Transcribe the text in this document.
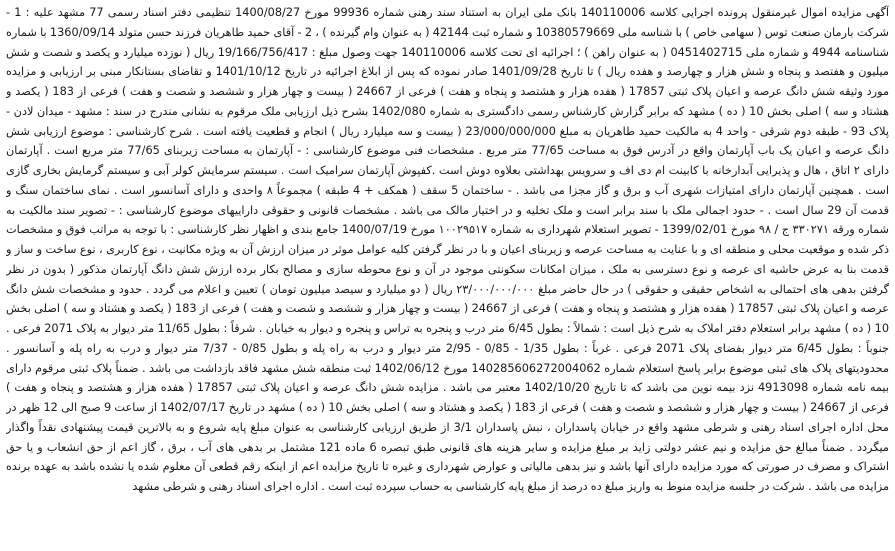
آگهی مزایده اموال غیرمنقول پرونده اجرایی کلاسه 140110006 بانک ملی ایران به استناد سند رهنی شماره 99936 مورخ 1400/08/27 تنظیمی دفتر اسناد رسمی 77 مشهد علیه : 1 - شرکت بارمان صنعت توس ( سهامی خاص ) با شناسه ملی 10380579669 و شماره ثبت 42144 ( به عنوان وام گیرنده ) ، 2 - آقای حمید طاهریان فرزند حسن متولد 1360/09/14 با شماره شناسنامه 4944 و شماره ملی 0451402715 ( به عنوان راهن ) ؛ اجرائیه ای تحت کلاسه 140110006 جهت وصول مبلغ : 19/166/756/417 ریال ( نوزده میلیارد و یکصد و شصت و شش میلیون و هفتصد و پنجاه و شش هزار و چهارصد و هفده ریال ) تا تاریخ 1401/09/28 صادر نموده که پس از ابلاغ اجرائیه در تاریخ 1401/10/12 و تقاضای بستانکار مبنی بر ارزیابی و مزایده مورد وثیقه شش دانگ عرصه و اعیان پلاک ثبتی 17857 ( هفده هزار و هشتصد و پنجاه و هفت ) فرعی از 24667 ( بیست و چهار هزار و ششصد و شصت و هفت ) فرعی از 183 ( یکصد و هشتاد و سه ) اصلی بخش 10 ( ده ) مشهد که برابر گزارش کارشناس رسمی دادگستری به شماره 1402/080 بشرح ذیل ارزیابی ملک مرقوم به نشانی مندرج در سند : مشهد - میدان لادن - پلاک 93 - طبقه دوم شرقی - واحد 4 به مالکیت حمید طاهریان به مبلغ 23/000/000/000 ( بیست و سه میلیارد ریال ) انجام و قطعیت یافته است . شرح کارشناسی : موضوع ارزیابی شش دانگ عرصه و اعیان یک باب آپارتمان واقع در آدرس فوق به مساحت 77/65 متر مربع . مشخصات فنی موضوع کارشناسی : - آپارتمان به مساحت زیربنای 77/65 متر مربع است . آپارتمان دارای ۲ اتاق ، هال و پذیرایی آبدارخانه با کابینت ام دی اف و سرویس بهداشتی بعلاوه دوش است .کفپوش آپارتمان سرامیک است . سیستم سرمایش کولر آبی و سیستم گرمایش بخاری گازی است . همچنین آپارتمان دارای امتیازات شهری آب و برق و گاز مجزا می باشد . - ساختمان 5 سقف ( همکف + 4 طبقه ) مجموعاً ۸ واحدی و دارای آسانسور است . نمای ساختمان سنگ و قدمت آن 29 سال است . - حدود اجمالی ملک با سند برابر است و ملک تخلیه و در اختیار مالک می باشد . مشخصات قانونی و حقوقی داراییهای موضوع کارشناسی : - تصویر سند مالکیت به شماره ورقه ۳۳۰۲۷۱ ج / ۹۸ مورخ 1399/02/01 - تصویر استعلام شهرداری به شماره ۱۰۰۲۹۵۱۷ مورخ 1400/07/19 جامع بندی و اظهار نظر کارشناسی : با توجه به مراتب فوق و مشخصات ذکر شده و موقعیت محلی و منطقه ای و با عنایت به مساحت عرصه و زیربنای اعیان و با در نظر گرفتن کلیه عوامل موثر در میزان ارزش آن به ویژه مکانیت ، نوع کاربری ، نوع ساخت و ساز و قدمت بنا به عرض حاشیه ای عرصه و نوع دسترسی به ملک ، میزان امکانات سکونتی موجود در آن و نوع محوطه سازی و مصالح بکار برده ارزش شش دانگ آپارتمان مذکور ( بدون در نظر گرفتن بدهی های احتمالی به اشخاص حقیقی و حقوقی ) در حال حاضر مبلغ ۲۳/۰۰۰/۰۰۰/۰۰۰ ریال ( دو میلیارد و سیصد میلیون تومان ) تعیین و اعلام می گردد . حدود و مشخصات شش دانگ عرصه و اعیان پلاک ثبتی 17857 ( هفده هزار و هشتصد و پنجاه و هفت ) فرعی از 24667 ( بیست و چهار هزار و ششصد و شصت و هفت ) فرعی از 183 ( یکصد و هشتاد و سه ) اصلی بخش 10 ( ده ) مشهد برابر استعلام دفتر املاک به شرح ذیل است : شمالاً : بطول 6/45 متر درب و پنجره به تراس و پنجره و دیوار به خیابان . شرقاً : بطول 11/65 متر دیوار به پلاک 2071 فرعی . جنوباً : بطول 6/45 متر دیوار بفضای پلاک 2071 فرعی . غرباً : بطول 1/35 - 0/85 - 2/95 متر دیوار و درب به راه پله و بطول 0/85 - 7/37 متر دیوار و درب به راه پله و آسانسور . محدودیتهای پلاک های ثبتی موضوع برابر پاسخ استعلام شماره 140285606272004062 مورخ 1402/06/12 ثبت منطقه شش مشهد فاقد بازداشت می باشد . ضمناً پلاک ثبتی مرقوم دارای بیمه نامه شماره 4913098 نزد بیمه نوین می باشد که تا تاریخ 1402/10/20 معتبر می باشد . مزایده شش دانگ عرصه و اعیان پلاک ثبتی 17857 ( هفده هزار و هشتصد و پنجاه و هفت ) فرعی از 24667 ( بیست و چهار هزار و ششصد و شصت و هفت ) فرعی از 183 ( یکصد و هشتاد و سه ) اصلی بخش 10 ( ده ) مشهد در تاریخ 1402/07/17 از ساعت 9 صبح الی 12 ظهر در محل اداره اجرای اسناد رهنی و شرطی مشهد واقع در خیابان پاسداران ، نبش پاسداران 3/1 از طریق ارزیابی کارشناسی به عنوان مبلغ پایه شروع و به بالاترین قیمت پیشنهادی نقداً واگذار میگردد . ضمناً مبالغ حق مزایده و نیم عشر دولتی زاید بر مبلغ مزایده و سایر هزینه های قانونی طبق تبصره 6 ماده 121 مشتمل بر بدهی های آب ، برق ، گاز اعم از حق انشعاب و یا حق اشتراک و مصرف در صورتی که مورد مزایده دارای آنها باشد و نیز بدهی مالیاتی و عوارض شهرداری و غیره تا تاریخ مزایده اعم از اینکه رقم قطعی آن معلوم شده یا نشده باشد به عهده برنده مزایده می باشد . شرکت در جلسه مزایده منوط به واریز مبلغ ده درصد از مبلغ پایه کارشناسی به حساب سپرده ثبت است . اداره اجرای اسناد رهنی و شرطی مشهد
